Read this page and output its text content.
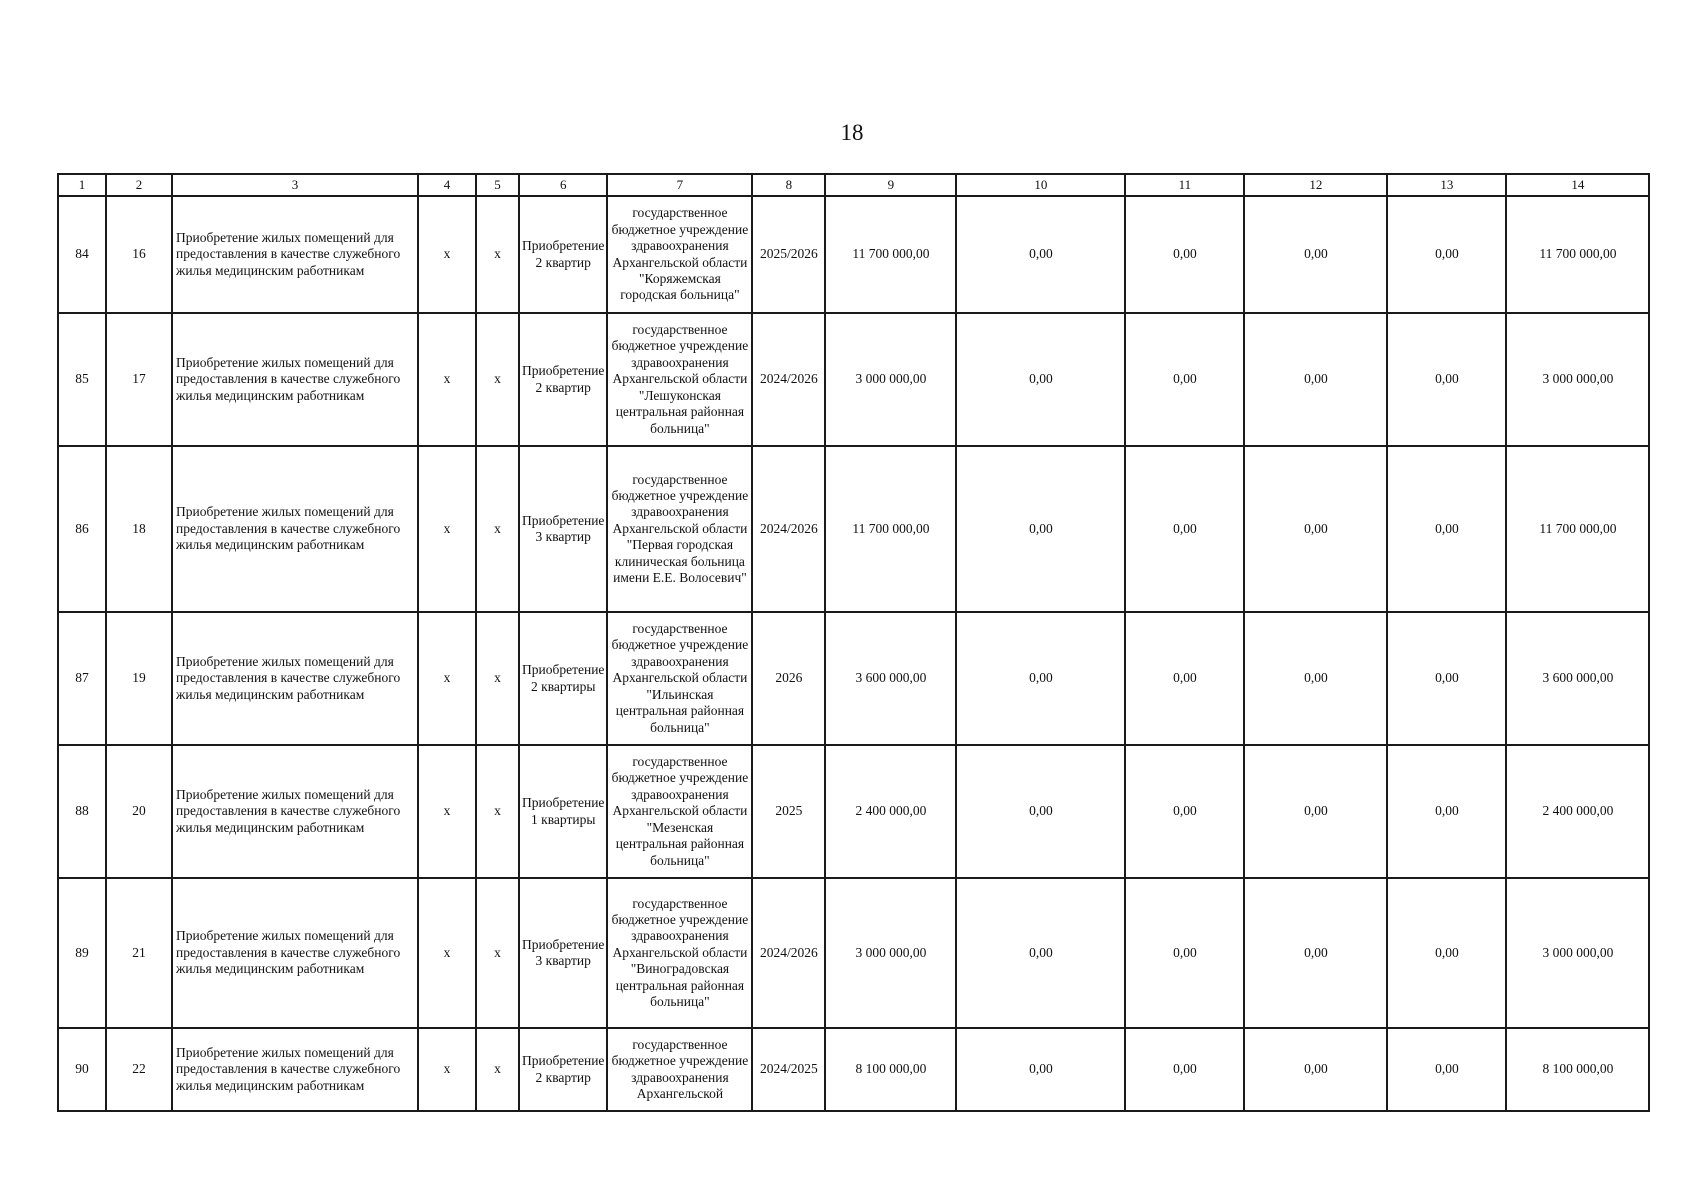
18
1	2	3	4	5	6	7	8	9	10	11	12	13	14
84	16	Приобретение жилых помещений для предоставления в качестве служебного жилья медицинским работникам	х	х	Приобретение 2 квартир	государственное бюджетное учреждение здравоохранения Архангельской области "Коряжемская городская больница"	2025/2026	11 700 000,00	0,00	0,00	0,00	0,00	11 700 000,00
85	17	Приобретение жилых помещений для предоставления в качестве служебного жилья медицинским работникам	х	х	Приобретение 2 квартир	государственное бюджетное учреждение здравоохранения Архангельской области "Лешуконская центральная районная больница"	2024/2026	3 000 000,00	0,00	0,00	0,00	0,00	3 000 000,00
86	18	Приобретение жилых помещений для предоставления в качестве служебного жилья медицинским работникам	х	х	Приобретение 3 квартир	государственное бюджетное учреждение здравоохранения Архангельской области "Первая городская клиническая больница имени Е.Е. Волосевич"	2024/2026	11 700 000,00	0,00	0,00	0,00	0,00	11 700 000,00
87	19	Приобретение жилых помещений для предоставления в качестве служебного жилья медицинским работникам	х	х	Приобретение 2 квартиры	государственное бюджетное учреждение здравоохранения Архангельской области "Ильинская центральная районная больница"	2026	3 600 000,00	0,00	0,00	0,00	0,00	3 600 000,00
88	20	Приобретение жилых помещений для предоставления в качестве служебного жилья медицинским работникам	х	х	Приобретение 1 квартиры	государственное бюджетное учреждение здравоохранения Архангельской области "Мезенская центральная районная больница"	2025	2 400 000,00	0,00	0,00	0,00	0,00	2 400 000,00
89	21	Приобретение жилых помещений для предоставления в качестве служебного жилья медицинским работникам	х	х	Приобретение 3 квартир	государственное бюджетное учреждение здравоохранения Архангельской области "Виноградовская центральная районная больница"	2024/2026	3 000 000,00	0,00	0,00	0,00	0,00	3 000 000,00
90	22	Приобретение жилых помещений для предоставления в качестве служебного жилья медицинским работникам	х	х	Приобретение 2 квартир	государственное бюджетное учреждение здравоохранения Архангельской	2024/2025	8 100 000,00	0,00	0,00	0,00	0,00	8 100 000,00
